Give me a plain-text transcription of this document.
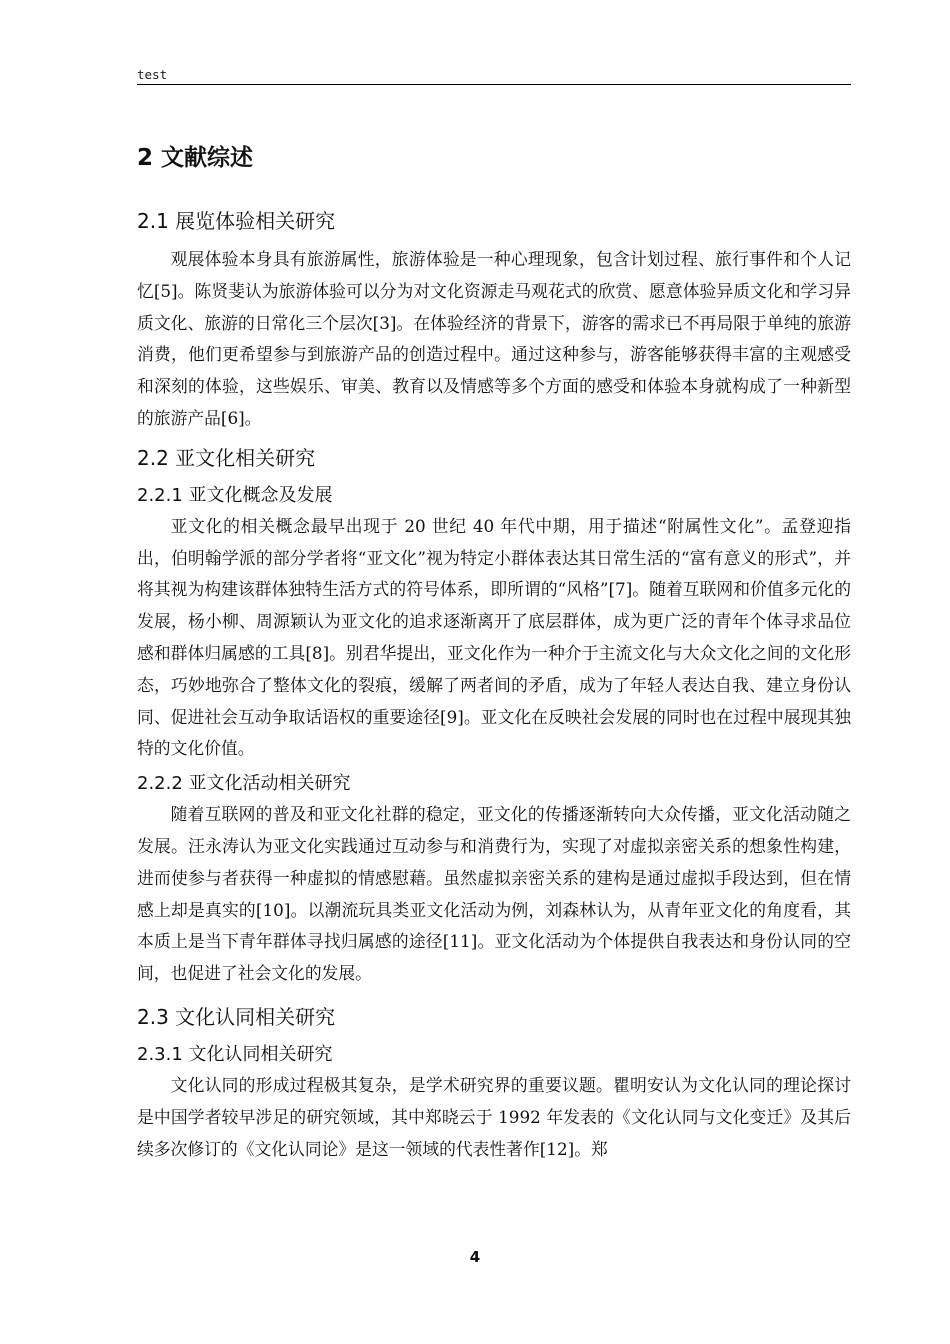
test
2 文献综述
2.1 展览体验相关研究

观展体验本身具有旅游属性，旅游体验是一种心理现象，包含计划过程、旅行事件和个人记忆[5]。陈贤斐认为旅游体验可以分为对文化资源走马观花式的欣赏、愿意体验异质文化和学习异质文化、旅游的日常化三个层次[3]。在体验经济的背景下，游客的需求已不再局限于单纯的旅游消费，他们更希望参与到旅游产品的创造过程中。通过这种参与，游客能够获得丰富的主观感受和深刻的体验，这些娱乐、审美、教育以及情感等多个方面的感受和体验本身就构成了一种新型的旅游产品[6]。

2.2 亚文化相关研究
2.2.1 亚文化概念及发展

亚文化的相关概念最早出现于 20 世纪 40 年代中期，用于描述“附属性文化”。孟登迎指出，伯明翰学派的部分学者将“亚文化”视为特定小群体表达其日常生活的“富有意义的形式”，并将其视为构建该群体独特生活方式的符号体系，即所谓的“风格”[7]。随着互联网和价值多元化的发展，杨小柳、周源颖认为亚文化的追求逐渐离开了底层群体，成为更广泛的青年个体寻求品位感和群体归属感的工具[8]。别君华提出，亚文化作为一种介于主流文化与大众文化之间的文化形态，巧妙地弥合了整体文化的裂痕，缓解了两者间的矛盾，成为了年轻人表达自我、建立身份认同、促进社会互动争取话语权的重要途径[9]。亚文化在反映社会发展的同时也在过程中展现其独特的文化价值。

2.2.2 亚文化活动相关研究

随着互联网的普及和亚文化社群的稳定，亚文化的传播逐渐转向大众传播，亚文化活动随之发展。汪永涛认为亚文化实践通过互动参与和消费行为，实现了对虚拟亲密关系的想象性构建，进而使参与者获得一种虚拟的情感慰藉。虽然虚拟亲密关系的建构是通过虚拟手段达到，但在情感上却是真实的[10]。以潮流玩具类亚文化活动为例，刘森林认为，从青年亚文化的角度看，其本质上是当下青年群体寻找归属感的途径[11]。亚文化活动为个体提供自我表达和身份认同的空间，也促进了社会文化的发展。

2.3 文化认同相关研究
2.3.1 文化认同相关研究

文化认同的形成过程极其复杂，是学术研究界的重要议题。瞿明安认为文化认同的理论探讨是中国学者较早涉足的研究领域，其中郑晓云于 1992 年发表的《文化认同与文化变迁》及其后续多次修订的《文化认同论》是这一领域的代表性著作[12]。郑

4
